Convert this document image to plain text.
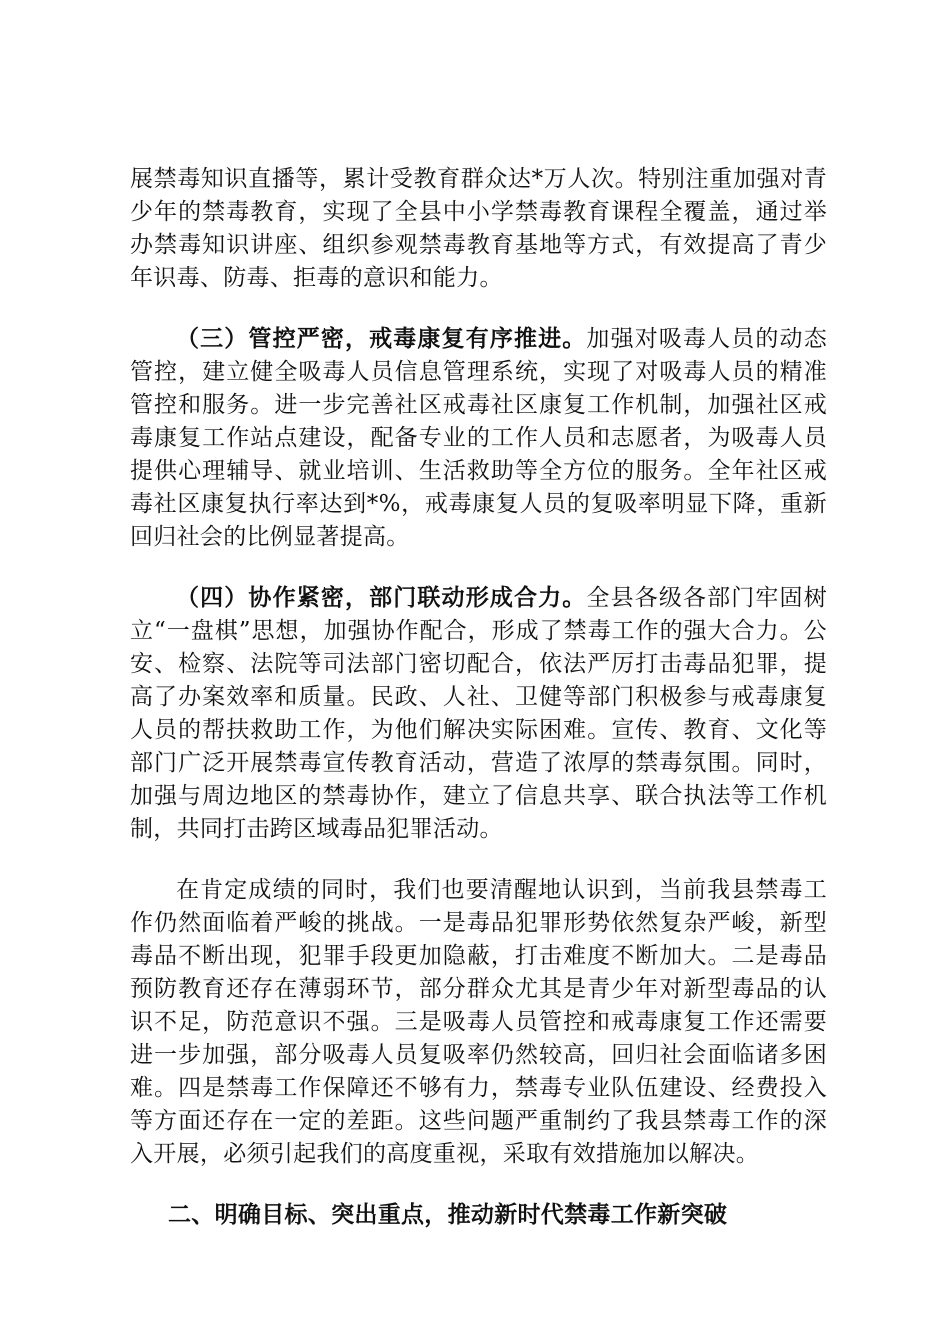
展禁毒知识直播等，累计受教育群众达*万人次。特别注重加强对青少年的禁毒教育，实现了全县中小学禁毒教育课程全覆盖，通过举办禁毒知识讲座、组织参观禁毒教育基地等方式，有效提高了青少年识毒、防毒、拒毒的意识和能力。

（三）管控严密，戒毒康复有序推进。加强对吸毒人员的动态管控，建立健全吸毒人员信息管理系统，实现了对吸毒人员的精准管控和服务。进一步完善社区戒毒社区康复工作机制，加强社区戒毒康复工作站点建设，配备专业的工作人员和志愿者，为吸毒人员提供心理辅导、就业培训、生活救助等全方位的服务。全年社区戒毒社区康复执行率达到*%，戒毒康复人员的复吸率明显下降，重新回归社会的比例显著提高。

（四）协作紧密，部门联动形成合力。全县各级各部门牢固树立“一盘棋”思想，加强协作配合，形成了禁毒工作的强大合力。公安、检察、法院等司法部门密切配合，依法严厉打击毒品犯罪，提高了办案效率和质量。民政、人社、卫健等部门积极参与戒毒康复人员的帮扶救助工作，为他们解决实际困难。宣传、教育、文化等部门广泛开展禁毒宣传教育活动，营造了浓厚的禁毒氛围。同时，加强与周边地区的禁毒协作，建立了信息共享、联合执法等工作机制，共同打击跨区域毒品犯罪活动。

在肯定成绩的同时，我们也要清醒地认识到，当前我县禁毒工作仍然面临着严峻的挑战。一是毒品犯罪形势依然复杂严峻，新型毒品不断出现，犯罪手段更加隐蔽，打击难度不断加大。二是毒品预防教育还存在薄弱环节，部分群众尤其是青少年对新型毒品的认识不足，防范意识不强。三是吸毒人员管控和戒毒康复工作还需要进一步加强，部分吸毒人员复吸率仍然较高，回归社会面临诸多困难。四是禁毒工作保障还不够有力，禁毒专业队伍建设、经费投入等方面还存在一定的差距。这些问题严重制约了我县禁毒工作的深入开展，必须引起我们的高度重视，采取有效措施加以解决。

二、明确目标、突出重点，推动新时代禁毒工作新突破
